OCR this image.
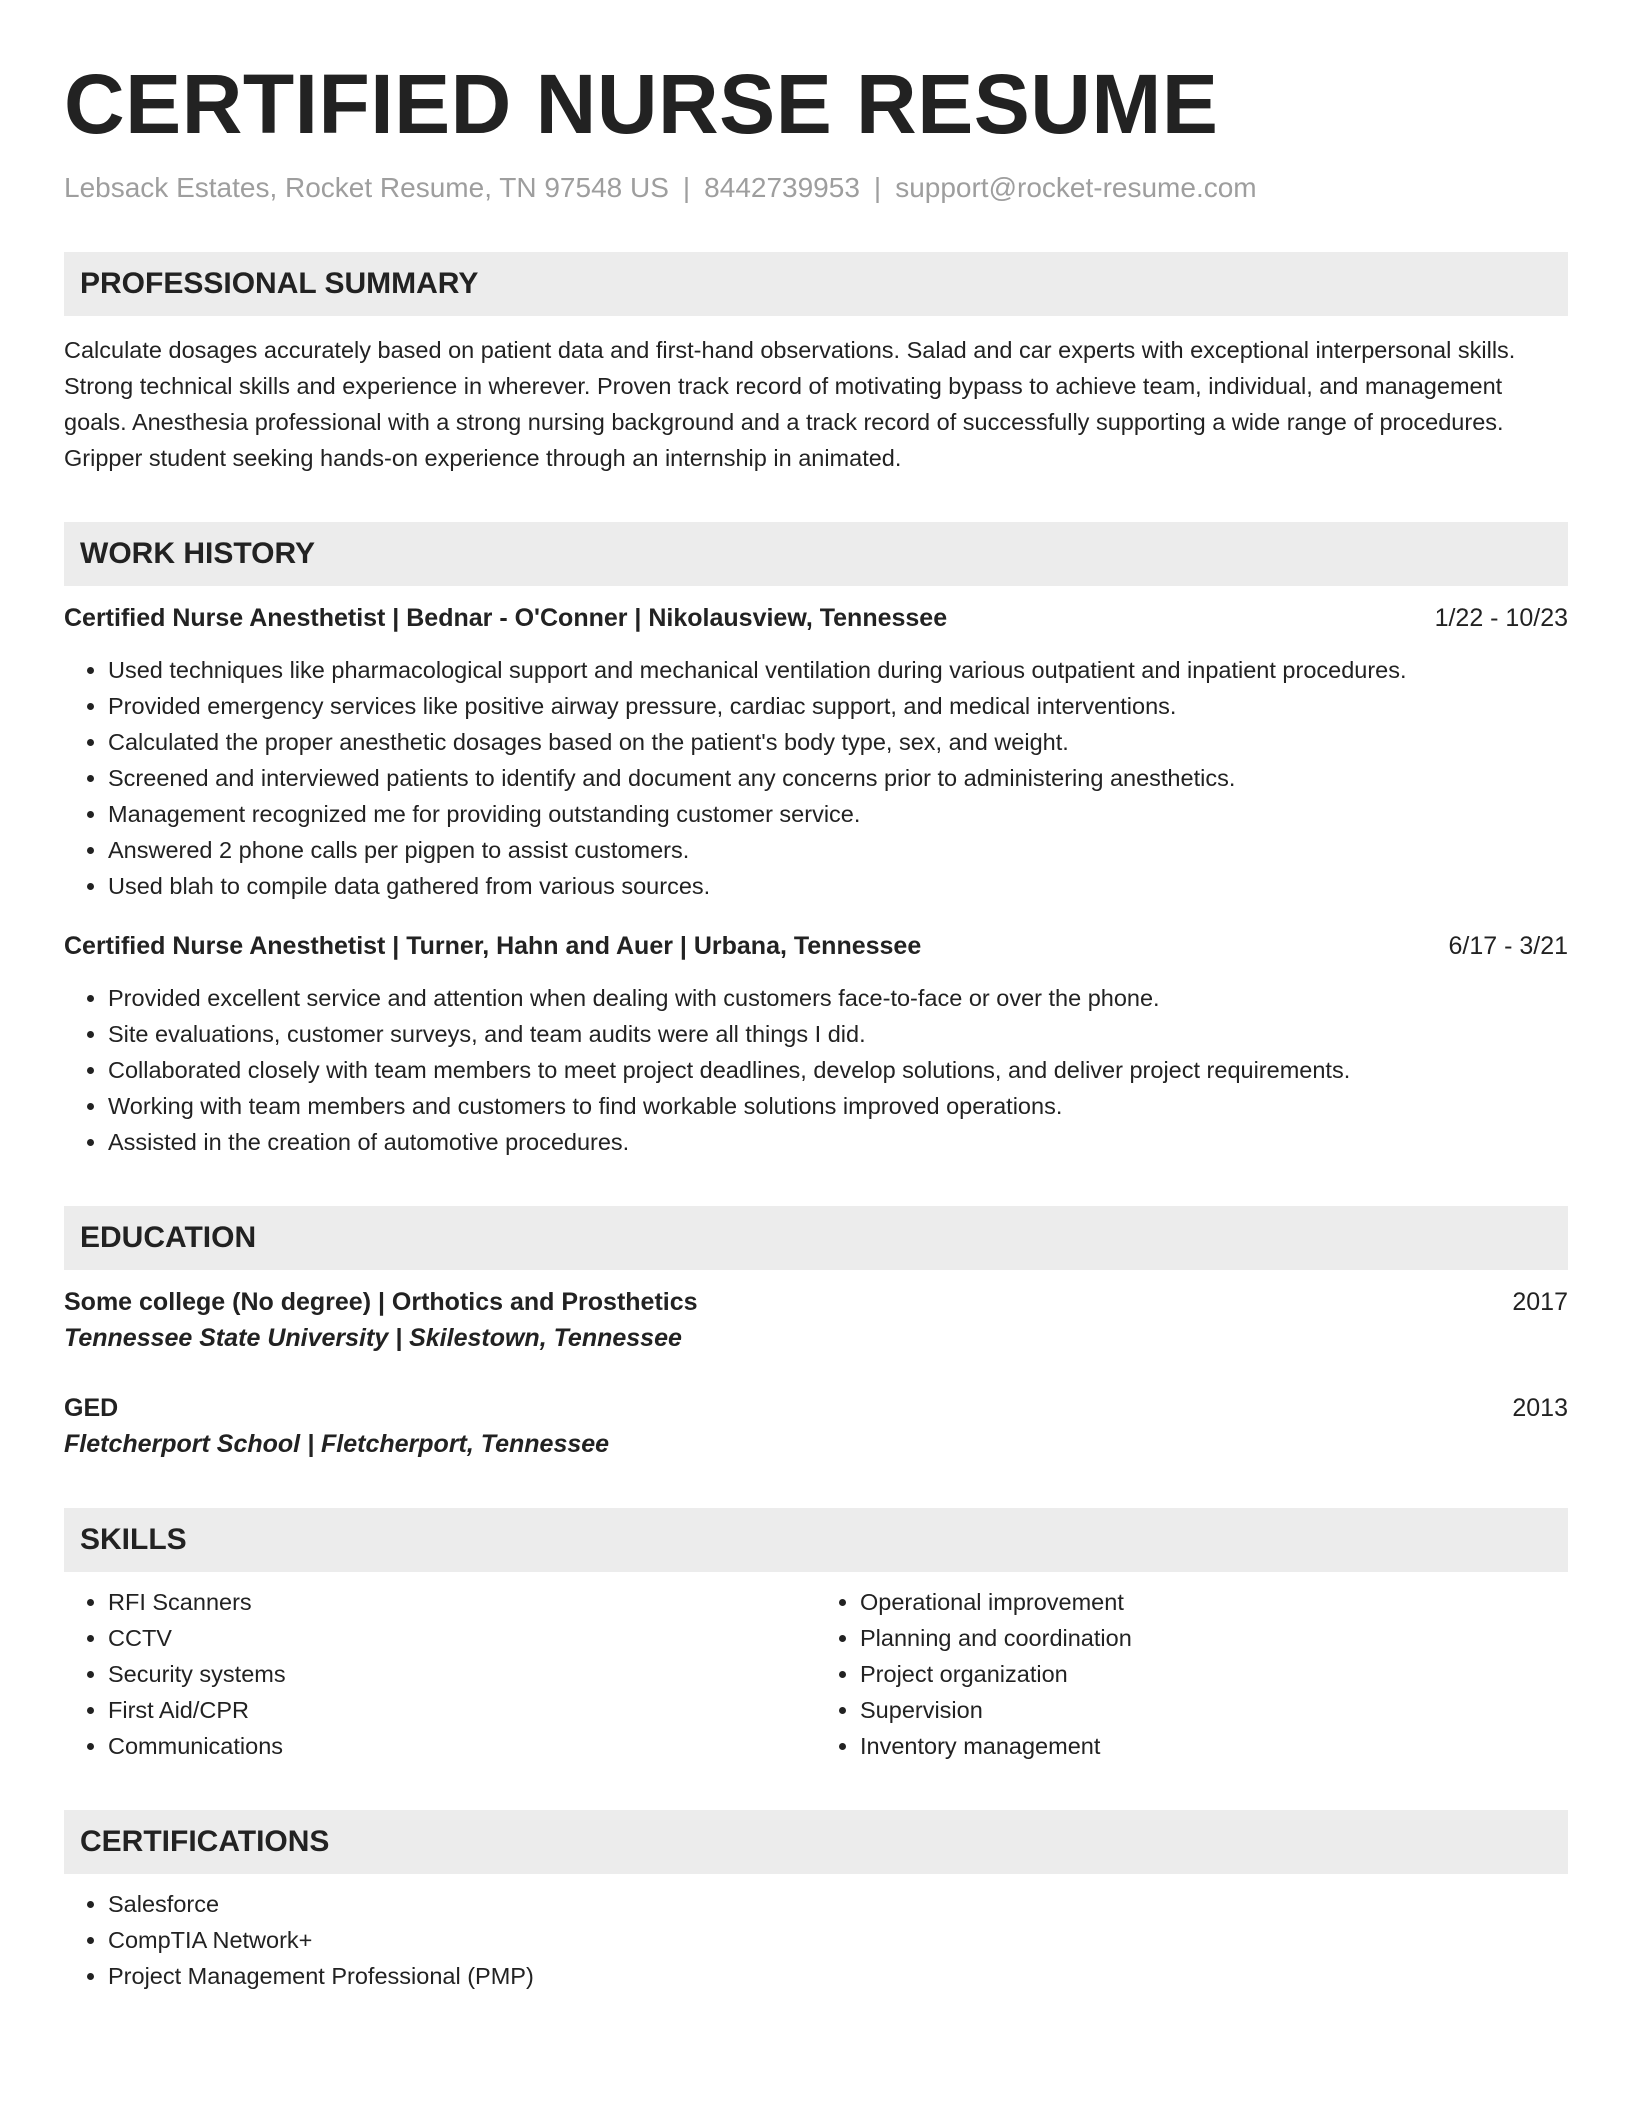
CERTIFIED NURSE RESUME
Lebsack Estates, Rocket Resume, TN 97548 US | 8442739953 | support@rocket-resume.com
PROFESSIONAL SUMMARY
Calculate dosages accurately based on patient data and first-hand observations. Salad and car experts with exceptional interpersonal skills. Strong technical skills and experience in wherever. Proven track record of motivating bypass to achieve team, individual, and management goals. Anesthesia professional with a strong nursing background and a track record of successfully supporting a wide range of procedures. Gripper student seeking hands-on experience through an internship in animated.
WORK HISTORY
Certified Nurse Anesthetist | Bednar - O'Conner | Nikolausview, Tennessee	1/22 - 10/23
• Used techniques like pharmacological support and mechanical ventilation during various outpatient and inpatient procedures.
• Provided emergency services like positive airway pressure, cardiac support, and medical interventions.
• Calculated the proper anesthetic dosages based on the patient's body type, sex, and weight.
• Screened and interviewed patients to identify and document any concerns prior to administering anesthetics.
• Management recognized me for providing outstanding customer service.
• Answered 2 phone calls per pigpen to assist customers.
• Used blah to compile data gathered from various sources.
Certified Nurse Anesthetist | Turner, Hahn and Auer | Urbana, Tennessee	6/17 - 3/21
• Provided excellent service and attention when dealing with customers face-to-face or over the phone.
• Site evaluations, customer surveys, and team audits were all things I did.
• Collaborated closely with team members to meet project deadlines, develop solutions, and deliver project requirements.
• Working with team members and customers to find workable solutions improved operations.
• Assisted in the creation of automotive procedures.
EDUCATION
Some college (No degree) | Orthotics and Prosthetics	2017
Tennessee State University | Skilestown, Tennessee
GED	2013
Fletcherport School | Fletcherport, Tennessee
SKILLS
• RFI Scanners
• CCTV
• Security systems
• First Aid/CPR
• Communications
• Operational improvement
• Planning and coordination
• Project organization
• Supervision
• Inventory management
CERTIFICATIONS
• Salesforce
• CompTIA Network+
• Project Management Professional (PMP)
